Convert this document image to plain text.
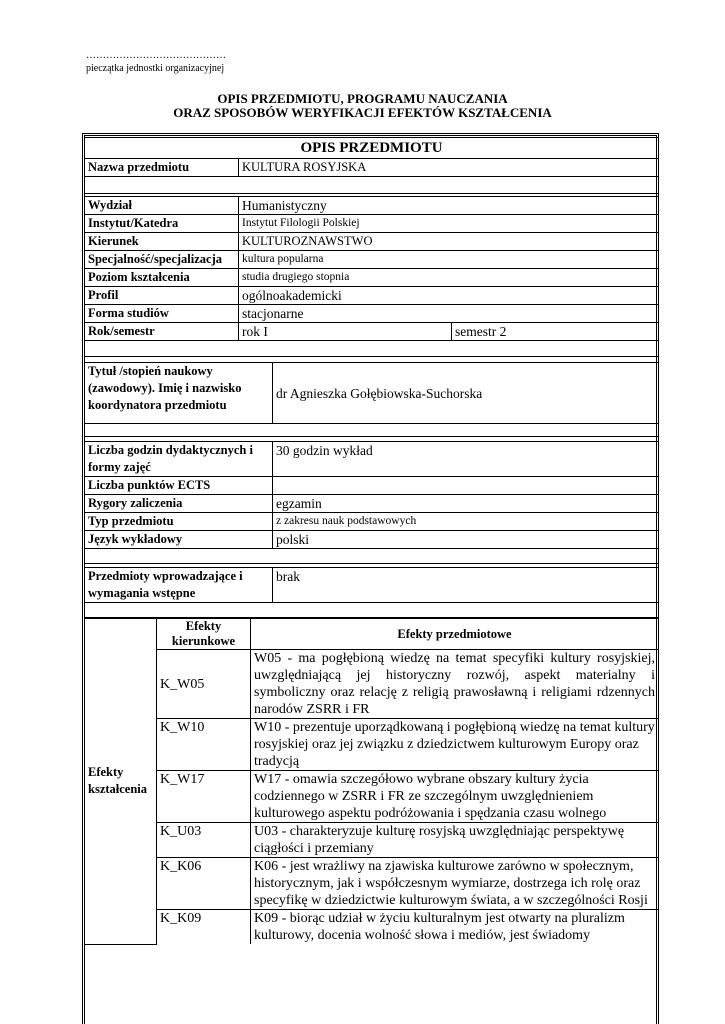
……………………………………
pieczątka jednostki organizacyjnej
OPIS PRZEDMIOTU, PROGRAMU NAUCZANIA
ORAZ SPOSOBÓW WERYFIKACJI EFEKTÓW KSZTAŁCENIA
OPIS PRZEDMIOTU		
Nazwa przedmiotu	KULTURA ROSYJSKA	

Wydział	Humanistyczny	
Instytut/Katedra	Instytut Filologii Polskiej	
Kierunek	KULTUROZNAWSTWO	
Specjalność/specjalizacja	kultura popularna	
Poziom kształcenia	studia drugiego stopnia	
Profil	ogólnoakademicki	
Forma studiów	stacjonarne	
Rok/semestr	rok I	semestr 2

Tytuł /stopień naukowy (zawodowy). Imię i nazwisko koordynatora przedmiotu	dr Agnieszka Gołębiowska-Suchorska

Liczba godzin dydaktycznych i formy zajęć	30 godzin wykład
Liczba punktów ECTS	
Rygory zaliczenia	egzamin
Typ przedmiotu	z zakresu nauk podstawowych
Język wykładowy	polski

Przedmioty wprowadzające i wymagania wstępne	brak

Efekty kształcenia	Efekty kierunkowe	Efekty przedmiotowe
	K_W05	W05 - ma pogłębioną wiedzę na temat specyfiki kultury rosyjskiej, uwzględniającą jej historyczny rozwój, aspekt materialny i symboliczny oraz relację z religią prawosławną i religiami rdzennych narodów ZSRR i FR
	K_W10	W10 - prezentuje uporządkowaną i pogłębioną wiedzę na temat kultury rosyjskiej oraz jej związku z dziedzictwem kulturowym Europy oraz tradycją
	K_W17	W17 - omawia szczegółowo wybrane obszary kultury życia codziennego w ZSRR i FR ze szczególnym uwzględnieniem kulturowego aspektu podróżowania i spędzania czasu wolnego
	K_U03	U03 - charakteryzuje kulturę rosyjską uwzględniając perspektywę ciągłości i przemiany
	K_K06	K06 - jest wrażliwy na zjawiska kulturowe zarówno w społecznym, historycznym, jak i współczesnym wymiarze, dostrzega ich rolę oraz specyfikę w dziedzictwie kulturowym świata, a w szczególności Rosji
	K_K09	K09 - biorąc udział w życiu kulturalnym jest otwarty na pluralizm kulturowy, docenia wolność słowa i mediów, jest świadomy
